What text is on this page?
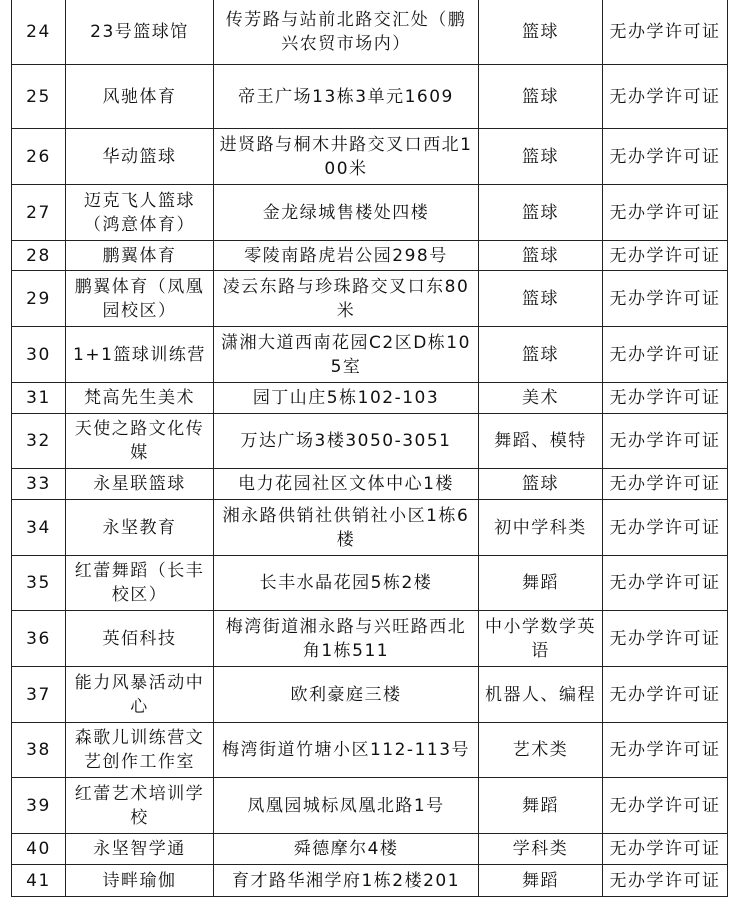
24	23号篮球馆	传芳路与站前北路交汇处（鹏兴农贸市场内）	篮球	无办学许可证
25	风驰体育	帝王广场13栋3单元1609	篮球	无办学许可证
26	华动篮球	进贤路与桐木井路交叉口西北100米	篮球	无办学许可证
27	迈克飞人篮球（鸿意体育）	金龙绿城售楼处四楼	篮球	无办学许可证
28	鹏翼体育	零陵南路虎岩公园298号	篮球	无办学许可证
29	鹏翼体育（凤凰园校区）	凌云东路与珍珠路交叉口东80米	篮球	无办学许可证
30	1+1篮球训练营	潇湘大道西南花园C2区D栋105室	篮球	无办学许可证
31	梵高先生美术	园丁山庄5栋102-103	美术	无办学许可证
32	天使之路文化传媒	万达广场3楼3050-3051	舞蹈、模特	无办学许可证
33	永星联篮球	电力花园社区文体中心1楼	篮球	无办学许可证
34	永坚教育	湘永路供销社供销社小区1栋6楼	初中学科类	无办学许可证
35	红蕾舞蹈（长丰校区）	长丰水晶花园5栋2楼	舞蹈	无办学许可证
36	英佰科技	梅湾街道湘永路与兴旺路西北角1栋511	中小学数学英语	无办学许可证
37	能力风暴活动中心	欧利豪庭三楼	机器人、编程	无办学许可证
38	森歌儿训练营文艺创作工作室	梅湾街道竹塘小区112-113号	艺术类	无办学许可证
39	红蕾艺术培训学校	凤凰园城标凤凰北路1号	舞蹈	无办学许可证
40	永坚智学通	舜德摩尔4楼	学科类	无办学许可证
41	诗畔瑜伽	育才路华湘学府1栋2楼201	舞蹈	无办学许可证
